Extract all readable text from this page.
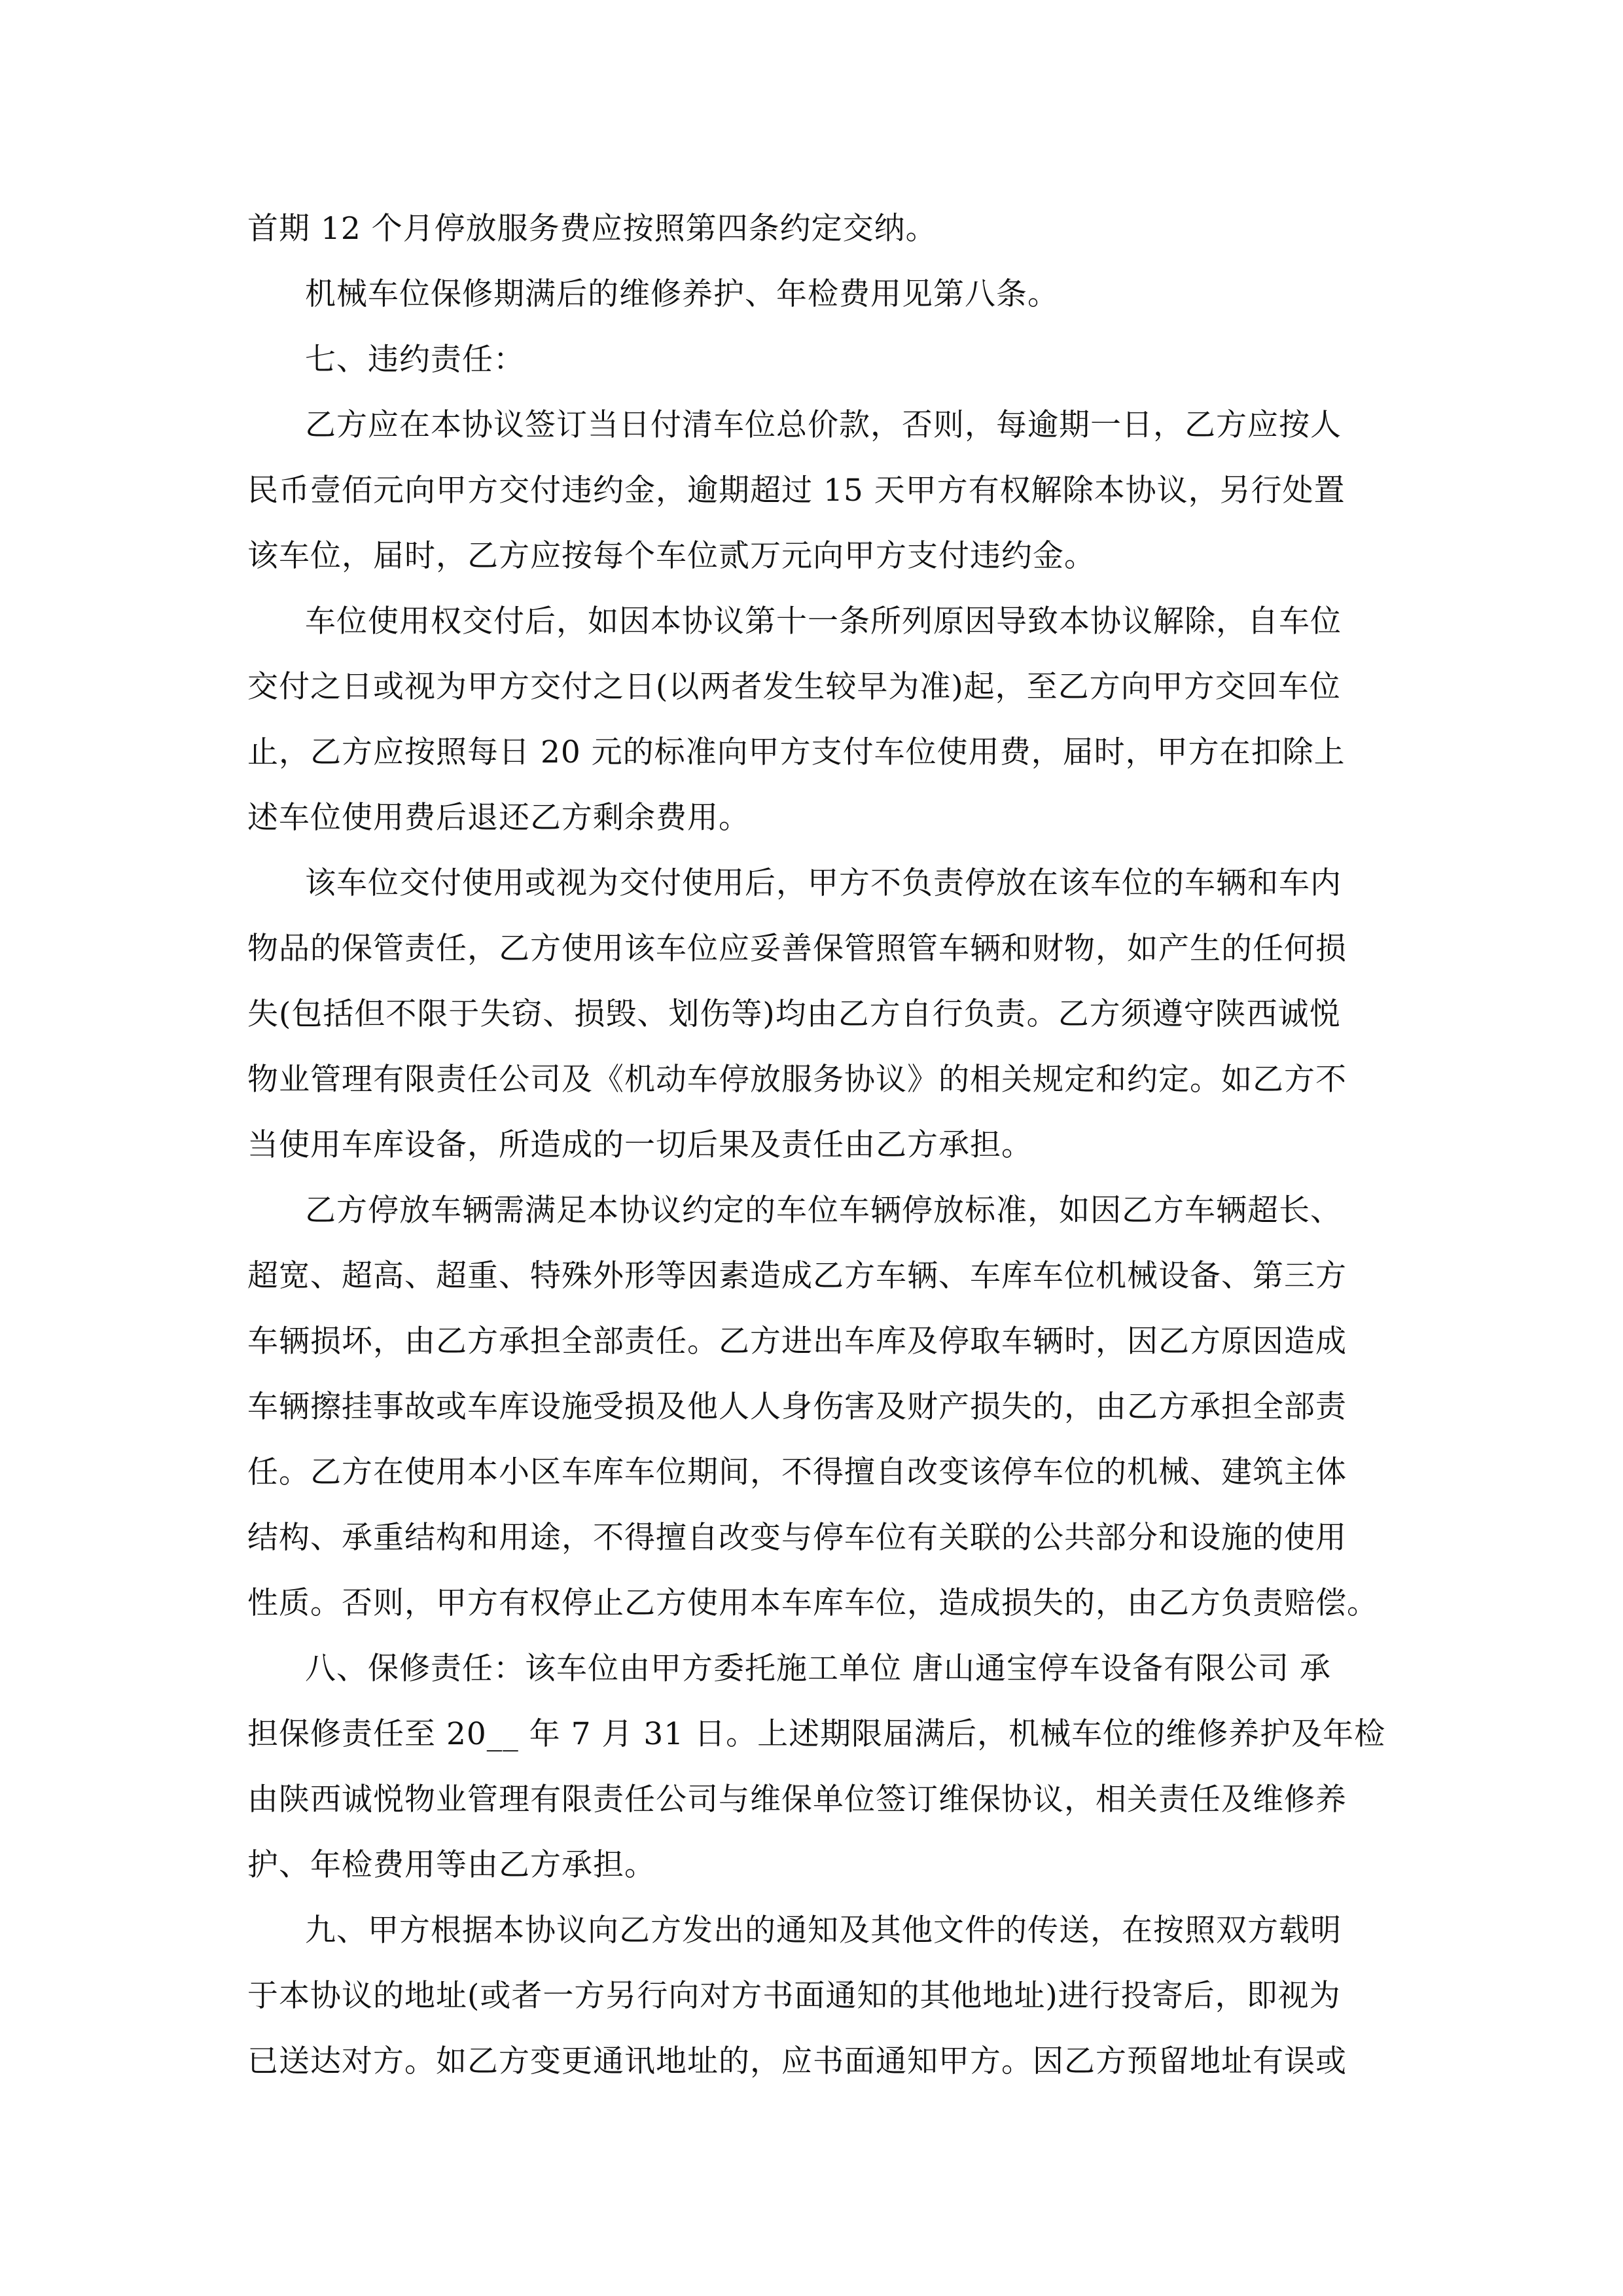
首期 12 个月停放服务费应按照第四条约定交纳。

机械车位保修期满后的维修养护、年检费用见第八条。

七、违约责任：

乙方应在本协议签订当日付清车位总价款，否则，每逾期一日，乙方应按人

民币壹佰元向甲方交付违约金，逾期超过 15 天甲方有权解除本协议，另行处置

该车位，届时，乙方应按每个车位贰万元向甲方支付违约金。

车位使用权交付后，如因本协议第十一条所列原因导致本协议解除，自车位

交付之日或视为甲方交付之日(以两者发生较早为准)起，至乙方向甲方交回车位

止，乙方应按照每日 20 元的标准向甲方支付车位使用费，届时，甲方在扣除上

述车位使用费后退还乙方剩余费用。

该车位交付使用或视为交付使用后，甲方不负责停放在该车位的车辆和车内

物品的保管责任，乙方使用该车位应妥善保管照管车辆和财物，如产生的任何损

失(包括但不限于失窃、损毁、划伤等)均由乙方自行负责。乙方须遵守陕西诚悦

物业管理有限责任公司及《机动车停放服务协议》的相关规定和约定。如乙方不

当使用车库设备，所造成的一切后果及责任由乙方承担。

乙方停放车辆需满足本协议约定的车位车辆停放标准，如因乙方车辆超长、

超宽、超高、超重、特殊外形等因素造成乙方车辆、车库车位机械设备、第三方

车辆损坏，由乙方承担全部责任。乙方进出车库及停取车辆时，因乙方原因造成

车辆擦挂事故或车库设施受损及他人人身伤害及财产损失的，由乙方承担全部责

任。乙方在使用本小区车库车位期间，不得擅自改变该停车位的机械、建筑主体

结构、承重结构和用途，不得擅自改变与停车位有关联的公共部分和设施的使用

性质。否则，甲方有权停止乙方使用本车库车位，造成损失的，由乙方负责赔偿。

八、保修责任：该车位由甲方委托施工单位 唐山通宝停车设备有限公司 承

担保修责任至 20__ 年 7 月 31 日。上述期限届满后，机械车位的维修养护及年检

由陕西诚悦物业管理有限责任公司与维保单位签订维保协议，相关责任及维修养

护、年检费用等由乙方承担。

九、甲方根据本协议向乙方发出的通知及其他文件的传送，在按照双方载明

于本协议的地址(或者一方另行向对方书面通知的其他地址)进行投寄后，即视为

已送达对方。如乙方变更通讯地址的，应书面通知甲方。因乙方预留地址有误或
